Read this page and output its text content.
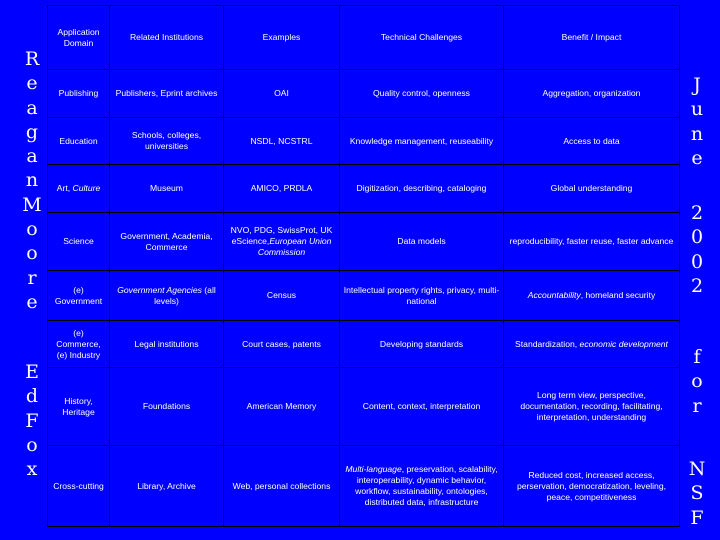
R
e
a
g
a
n
M
o
o
r
e
E
d
F
o
x
J
u
n
e
2
0
0
2
f
o
r
N
S
F
Application Domain	Related Institutions	Examples	Technical Challenges	Benefit / Impact
Publishing	Publishers, Eprint archives	OAI	Quality control, openness	Aggregation, organization
Education	Schools, colleges, universities	NSDL, NCSTRL	Knowledge management, reuseability	Access to data
Art, Culture	Museum	AMICO, PRDLA	Digitization, describing, cataloging	Global understanding
Science	Government, Academia, Commerce	NVO, PDG, SwissProt, UK eScience,European Union Commission	Data models	reproducibility, faster reuse, faster advance
(e) Government	Government Agencies (all levels)	Census	Intellectual property rights, privacy, multi-national	Accountability, homeland security
(e) Commerce, (e) Industry	Legal institutions	Court cases, patents	Developing standards	Standardization, economic development
History, Heritage	Foundations	American Memory	Content, context, interpretation	Long term view, perspective, documentation, recording, facilitating, interpretation, understanding
Cross-cutting	Library, Archive	Web, personal collections	Multi-language, preservation, scalability, interoperability, dynamic behavior, workflow, sustainability, ontologies, distributed data, infrastructure	Reduced cost, increased access, perservation, democratization, leveling, peace, competitiveness
